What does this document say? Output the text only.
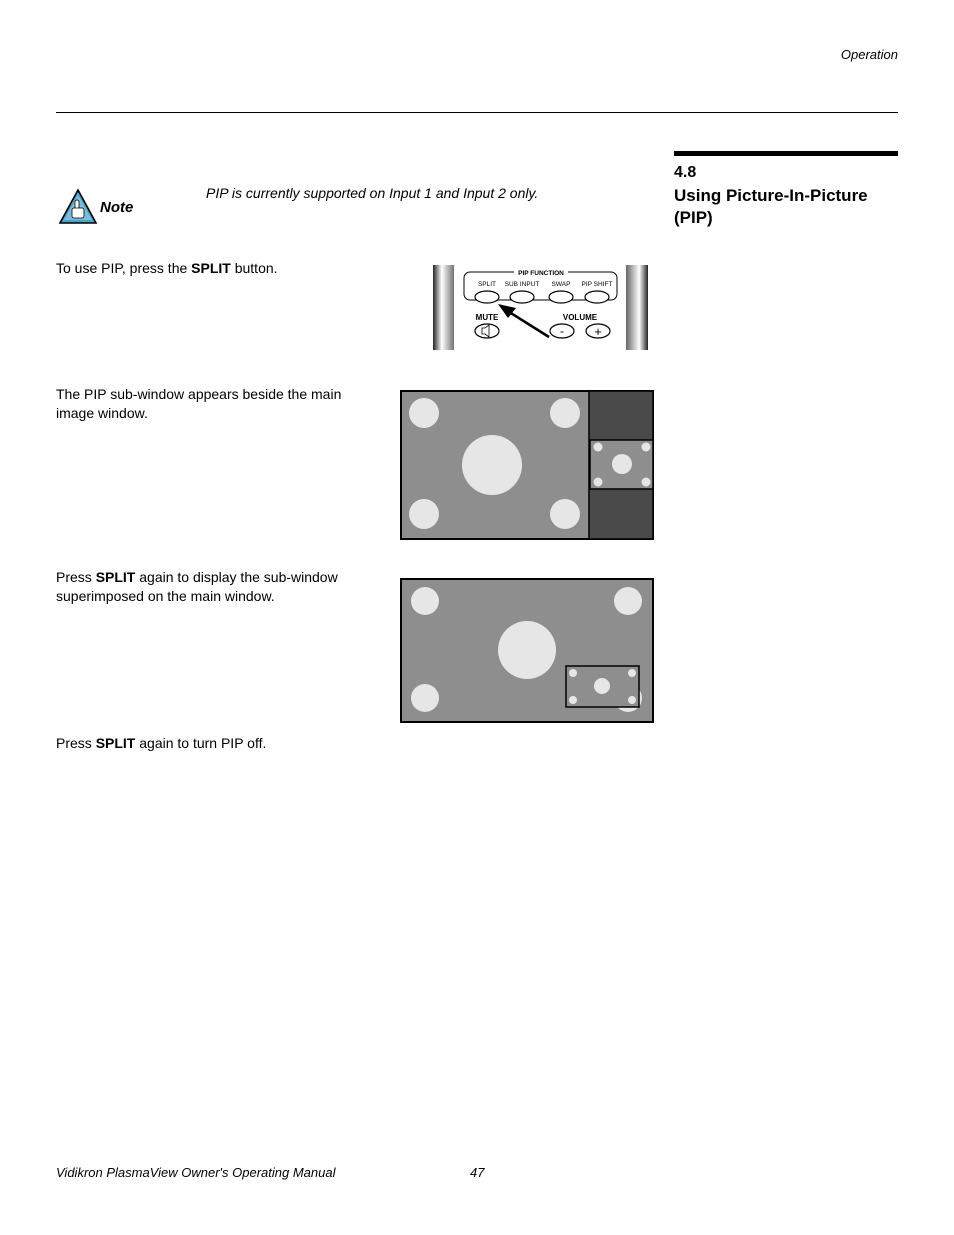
Operation
4.8
Using Picture-In-Picture (PIP)
Note
PIP is currently supported on Input 1 and Input 2 only.
To use PIP, press the SPLIT button.	PIP FUNCTION
SPLIT SUB INPUT SWAP PIP SHIFT
MUTE	VOLUME
- +
The PIP sub-window appears beside the main image window.
Press SPLIT again to display the sub-window superimposed on the main window.
Press SPLIT again to turn PIP off.
Vidikron PlasmaView Owner's Operating Manual	47
